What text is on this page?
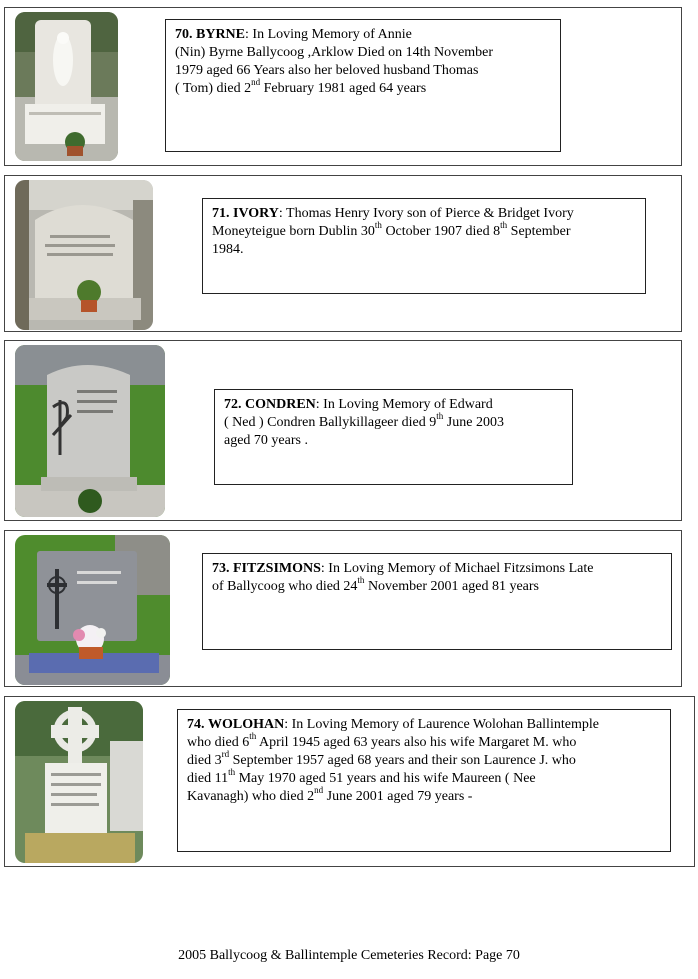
70. BYRNE: In Loving Memory of Annie
(Nin) Byrne Ballycoog ,Arklow Died on 14th November
1979 aged 66 Years also her beloved husband Thomas
( Tom) died 2nd February 1981 aged 64 years
71. IVORY: Thomas Henry Ivory son of Pierce & Bridget Ivory
Moneyteigue born Dublin 30th October 1907 died 8th September
1984.
72. CONDREN: In Loving Memory of Edward
( Ned ) Condren Ballykillageer died 9th June 2003
aged 70 years .
73. FITZSIMONS: In Loving Memory of Michael Fitzsimons Late
of Ballycoog who died 24th November 2001 aged 81 years
74. WOLOHAN: In Loving Memory of Laurence Wolohan Ballintemple
who died 6th April 1945 aged 63 years also his wife Margaret M. who
died 3rd September 1957 aged 68 years and their son Laurence J. who
died 11th May 1970 aged 51 years and his wife Maureen ( Nee
Kavanagh) who died 2nd June 2001 aged 79 years -
2005 Ballycoog & Ballintemple Cemeteries Record: Page 70
